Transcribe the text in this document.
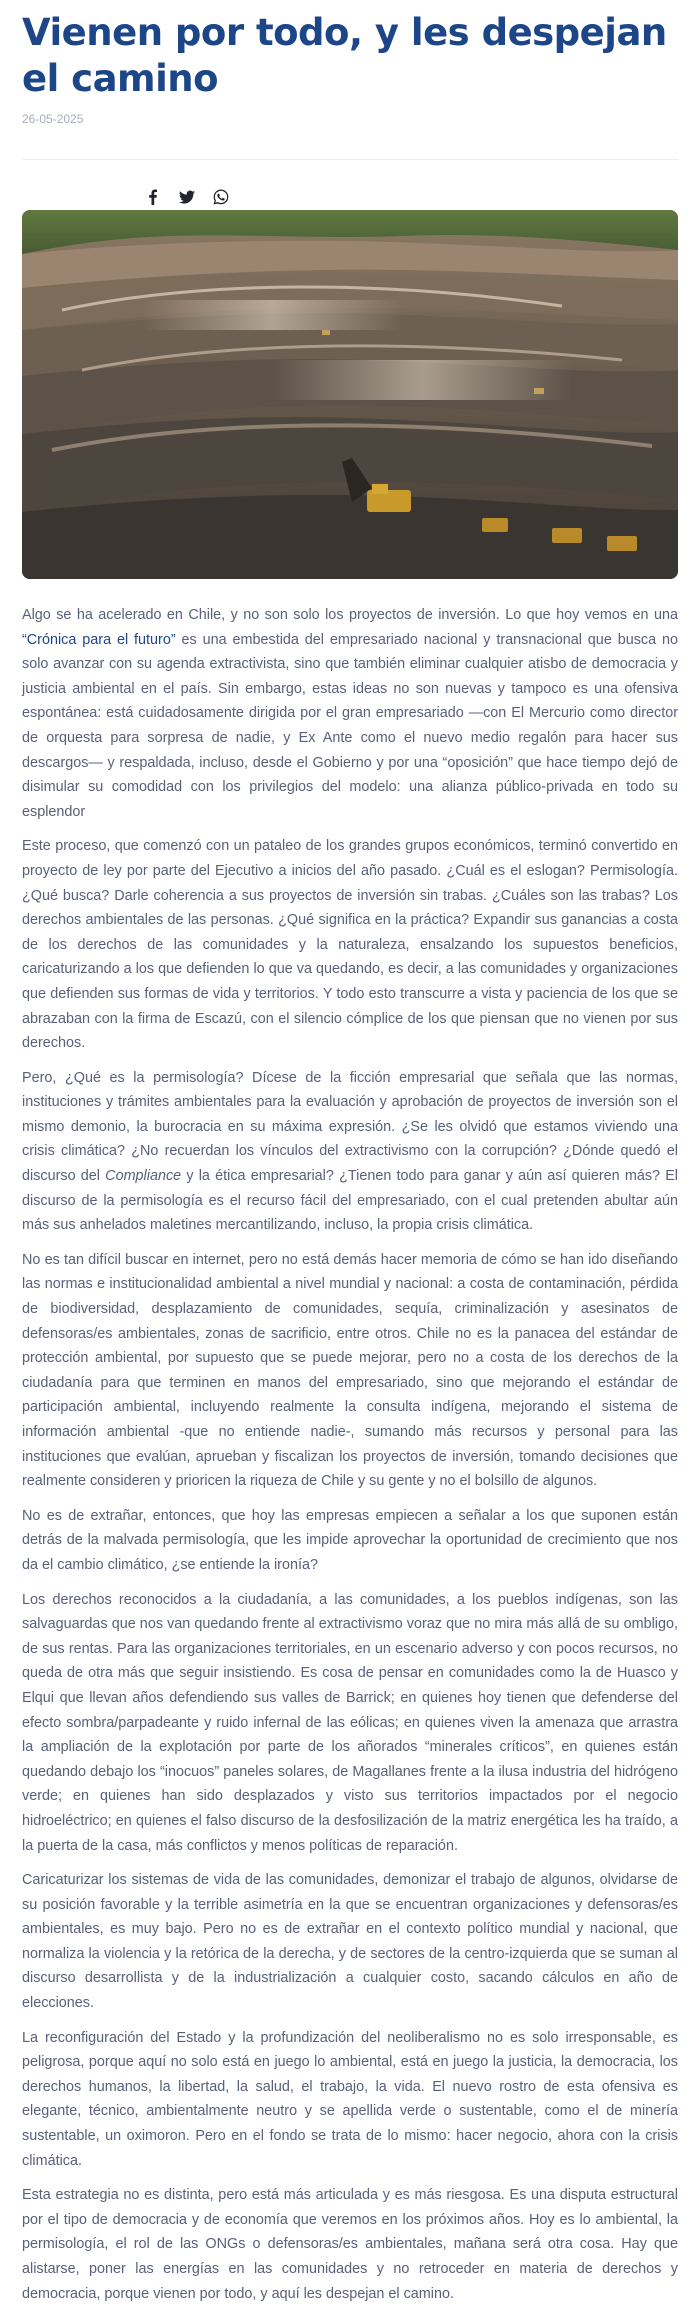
Vienen por todo, y les despejan el camino
26-05-2025

Algo se ha acelerado en Chile, y no son solo los proyectos de inversión. Lo que hoy vemos en una “Crónica para el futuro” es una embestida del empresariado nacional y transnacional que busca no solo avanzar con su agenda extractivista, sino que también eliminar cualquier atisbo de democracia y justicia ambiental en el país. Sin embargo, estas ideas no son nuevas y tampoco es una ofensiva espontánea: está cuidadosamente dirigida por el gran empresariado —con El Mercurio como director de orquesta para sorpresa de nadie, y Ex Ante como el nuevo medio regalón para hacer sus descargos— y respaldada, incluso, desde el Gobierno y por una “oposición” que hace tiempo dejó de disimular su comodidad con los privilegios del modelo: una alianza público-privada en todo su esplendor

Este proceso, que comenzó con un pataleo de los grandes grupos económicos, terminó convertido en proyecto de ley por parte del Ejecutivo a inicios del año pasado. ¿Cuál es el eslogan? Permisología. ¿Qué busca? Darle coherencia a sus proyectos de inversión sin trabas. ¿Cuáles son las trabas? Los derechos ambientales de las personas. ¿Qué significa en la práctica? Expandir sus ganancias a costa de los derechos de las comunidades y la naturaleza, ensalzando los supuestos beneficios, caricaturizando a los que defienden lo que va quedando, es decir, a las comunidades y organizaciones que defienden sus formas de vida y territorios. Y todo esto transcurre a vista y paciencia de los que se abrazaban con la firma de Escazú, con el silencio cómplice de los que piensan que no vienen por sus derechos.

Pero, ¿Qué es la permisología? Dícese de la ficción empresarial que señala que las normas, instituciones y trámites ambientales para la evaluación y aprobación de proyectos de inversión son el mismo demonio, la burocracia en su máxima expresión. ¿Se les olvidó que estamos viviendo una crisis climática? ¿No recuerdan los vínculos del extractivismo con la corrupción? ¿Dónde quedó el discurso del Compliance y la ética empresarial? ¿Tienen todo para ganar y aún así quieren más? El discurso de la permisología es el recurso fácil del empresariado, con el cual pretenden abultar aún más sus anhelados maletines mercantilizando, incluso, la propia crisis climática.

No es tan difícil buscar en internet, pero no está demás hacer memoria de cómo se han ido diseñando las normas e institucionalidad ambiental a nivel mundial y nacional: a costa de contaminación, pérdida de biodiversidad, desplazamiento de comunidades, sequía, criminalización y asesinatos de defensoras/es ambientales, zonas de sacrificio, entre otros. Chile no es la panacea del estándar de protección ambiental, por supuesto que se puede mejorar, pero no a costa de los derechos de la ciudadanía para que terminen en manos del empresariado, sino que mejorando el estándar de participación ambiental, incluyendo realmente la consulta indígena, mejorando el sistema de información ambiental -que no entiende nadie-, sumando más recursos y personal para las instituciones que evalúan, aprueban y fiscalizan los proyectos de inversión, tomando decisiones que realmente consideren y prioricen la riqueza de Chile y su gente y no el bolsillo de algunos.

No es de extrañar, entonces, que hoy las empresas empiecen a señalar a los que suponen están detrás de la malvada permisología, que les impide aprovechar la oportunidad de crecimiento que nos da el cambio climático, ¿se entiende la ironía?

Los derechos reconocidos a la ciudadanía, a las comunidades, a los pueblos indígenas, son las salvaguardas que nos van quedando frente al extractivismo voraz que no mira más allá de su ombligo, de sus rentas. Para las organizaciones territoriales, en un escenario adverso y con pocos recursos, no queda de otra más que seguir insistiendo. Es cosa de pensar en comunidades como la de Huasco y Elqui que llevan años defendiendo sus valles de Barrick; en quienes hoy tienen que defenderse del efecto sombra/parpadeante y ruido infernal de las eólicas; en quienes viven la amenaza que arrastra la ampliación de la explotación por parte de los añorados “minerales críticos”, en quienes están quedando debajo los “inocuos” paneles solares, de Magallanes frente a la ilusa industria del hidrógeno verde; en quienes han sido desplazados y visto sus territorios impactados por el negocio hidroeléctrico; en quienes el falso discurso de la desfosilización de la matriz energética les ha traído, a la puerta de la casa, más conflictos y menos políticas de reparación.

Caricaturizar los sistemas de vida de las comunidades, demonizar el trabajo de algunos, olvidarse de su posición favorable y la terrible asimetría en la que se encuentran organizaciones y defensoras/es ambientales, es muy bajo. Pero no es de extrañar en el contexto político mundial y nacional, que normaliza la violencia y la retórica de la derecha, y de sectores de la centro-izquierda que se suman al discurso desarrollista y de la industrialización a cualquier costo, sacando cálculos en año de elecciones.

La reconfiguración del Estado y la profundización del neoliberalismo no es solo irresponsable, es peligrosa, porque aquí no solo está en juego lo ambiental, está en juego la justicia, la democracia, los derechos humanos, la libertad, la salud, el trabajo, la vida. El nuevo rostro de esta ofensiva es elegante, técnico, ambientalmente neutro y se apellida verde o sustentable, como el de minería sustentable, un oximoron. Pero en el fondo se trata de lo mismo: hacer negocio, ahora con la crisis climática.

Esta estrategia no es distinta, pero está más articulada y es más riesgosa. Es una disputa estructural por el tipo de democracia y de economía que veremos en los próximos años. Hoy es lo ambiental, la permisología, el rol de las ONGs o defensoras/es ambientales, mañana será otra cosa. Hay que alistarse, poner las energías en las comunidades y no retroceder en materia de derechos y democracia, porque vienen por todo, y aquí les despejan el camino.
